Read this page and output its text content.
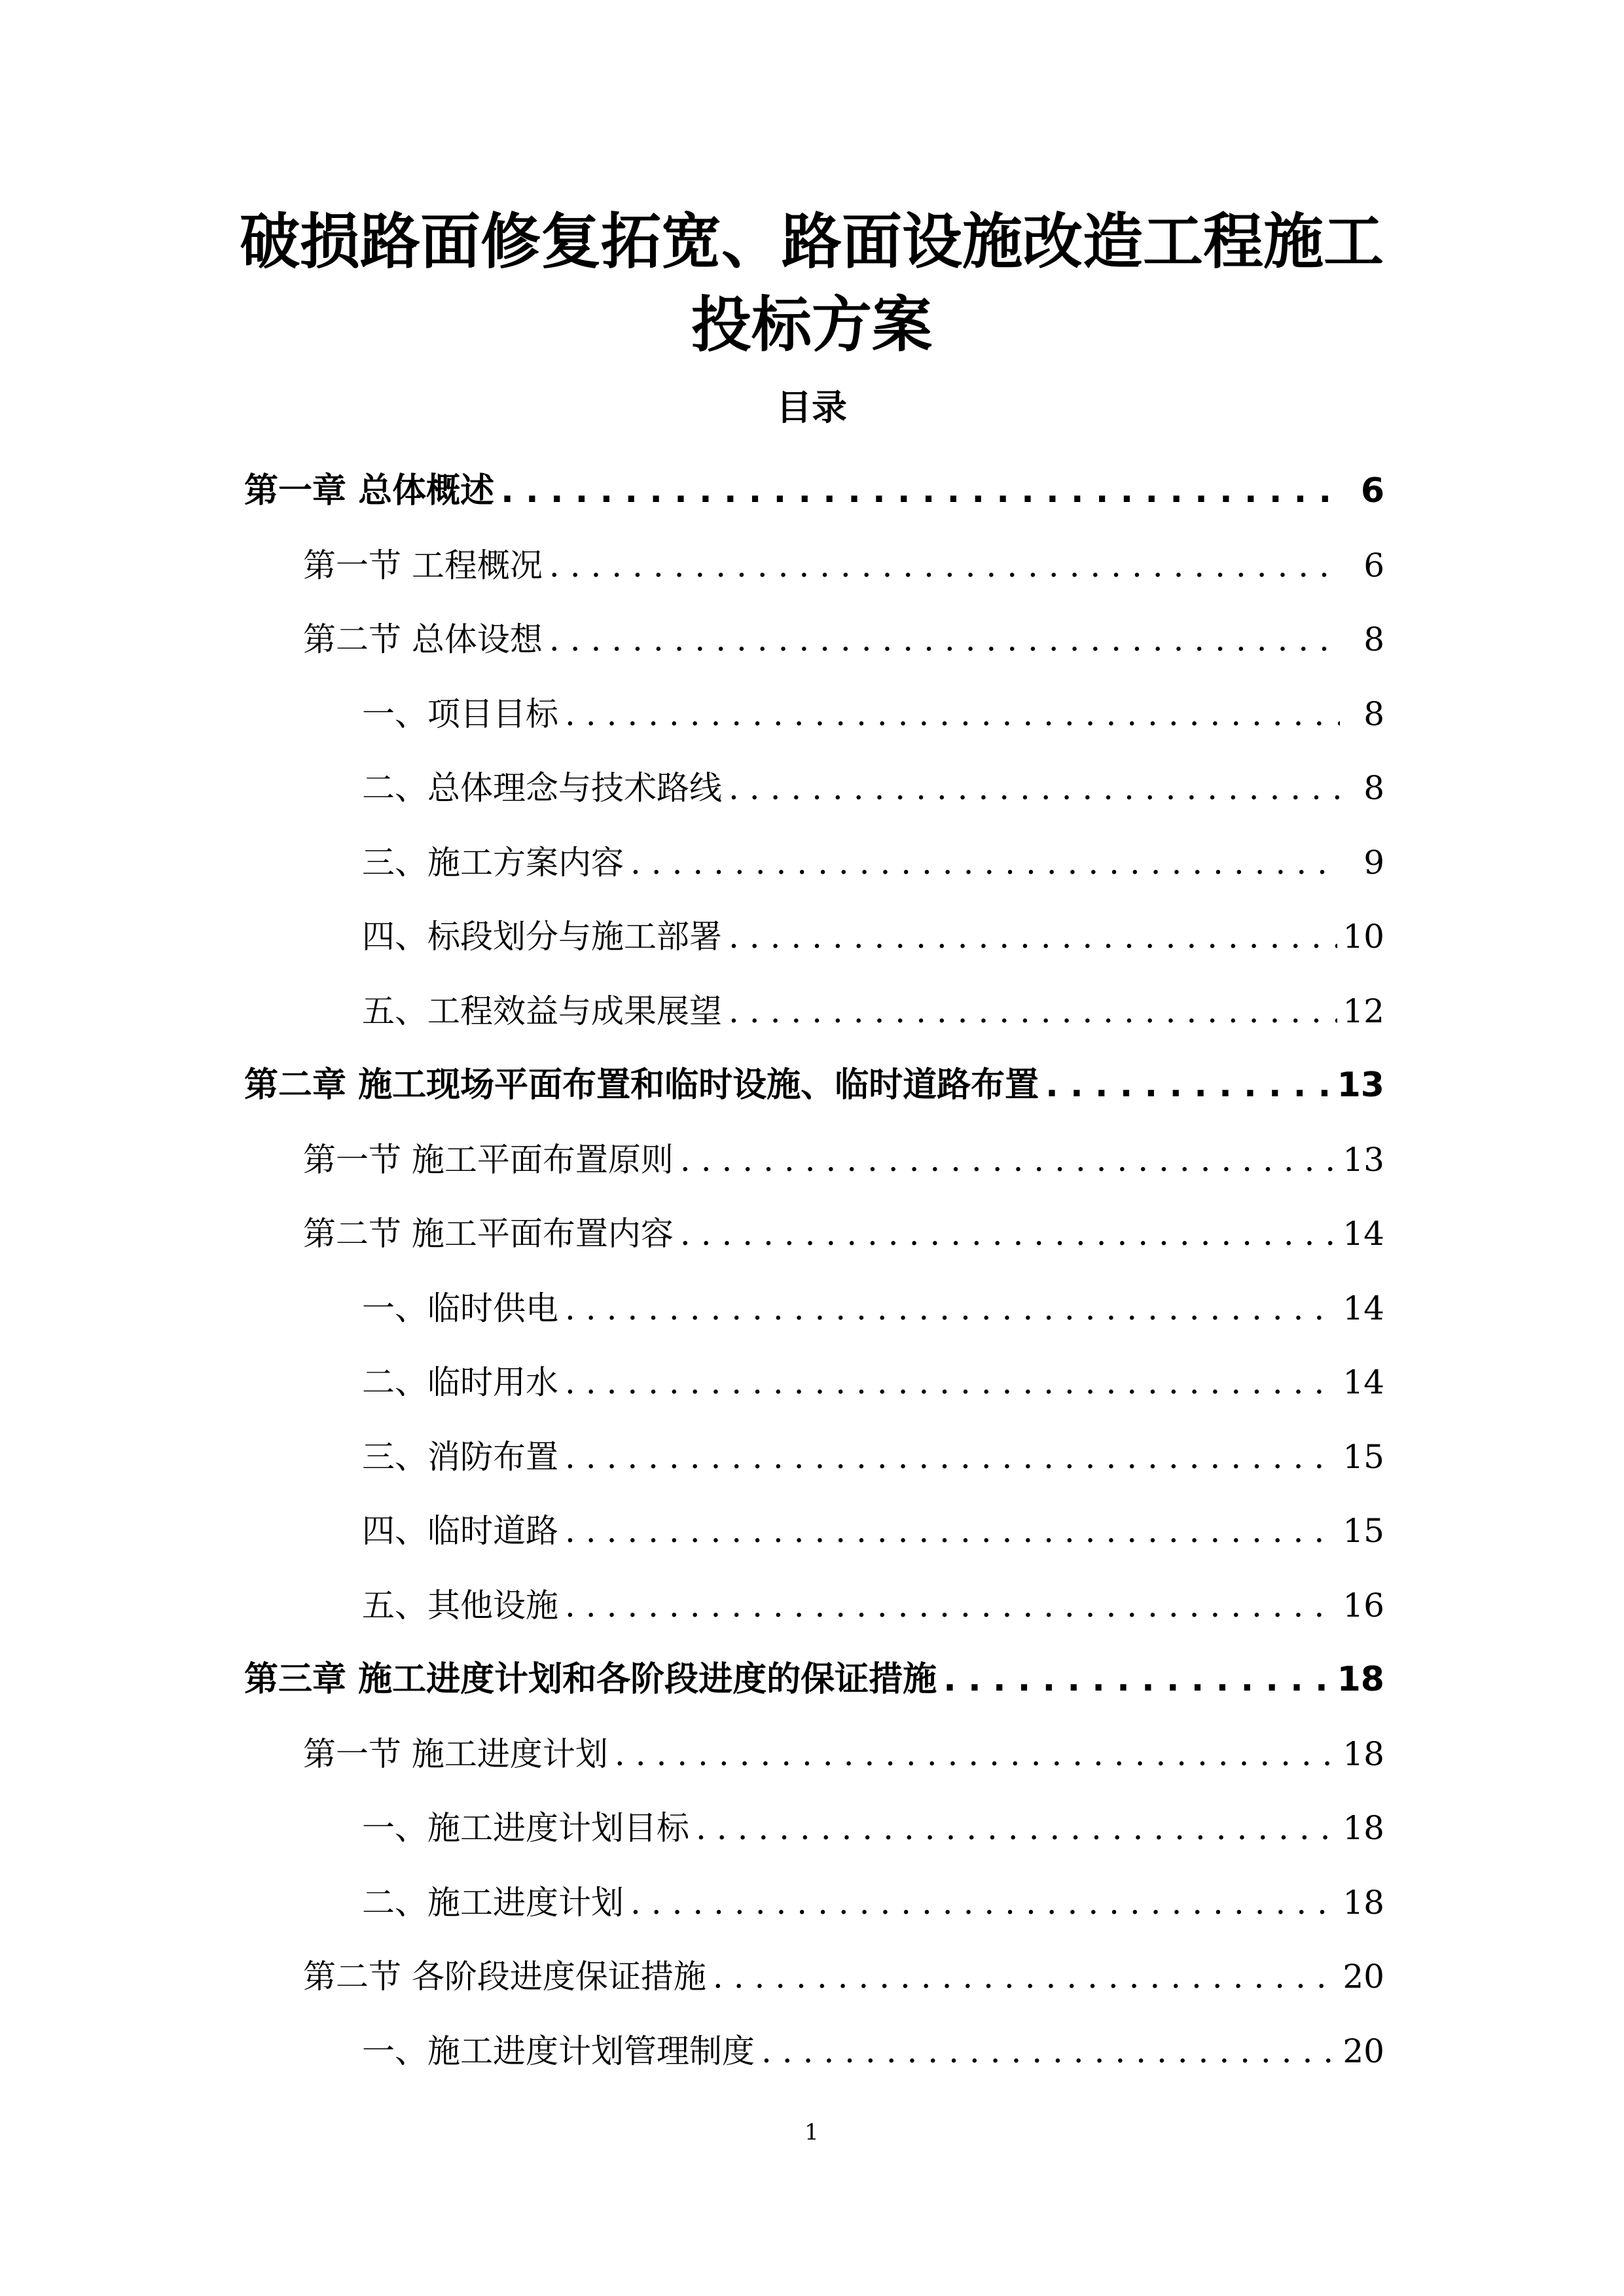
破损路面修复拓宽、路面设施改造工程施工
投标方案
目录
第一章 总体概述 . . .	6
第一节 工程概况 . . .	6
第二节 总体设想 . . .	8
一、项目目标 . . .	8
二、总体理念与技术路线 . . .	8
三、施工方案内容 . . .	9
四、标段划分与施工部署 . . .	10
五、工程效益与成果展望 . . .	12
第二章 施工现场平面布置和临时设施、临时道路布置 . . .	13
第一节 施工平面布置原则 . . .	13
第二节 施工平面布置内容 . . .	14
一、临时供电 . . .	14
二、临时用水 . . .	14
三、消防布置 . . .	15
四、临时道路 . . .	15
五、其他设施 . . .	16
第三章 施工进度计划和各阶段进度的保证措施 . . .	18
第一节 施工进度计划 . . .	18
一、施工进度计划目标 . . .	18
二、施工进度计划 . . .	18
第二节 各阶段进度保证措施 . . .	20
一、施工进度计划管理制度 . . .	20
1
